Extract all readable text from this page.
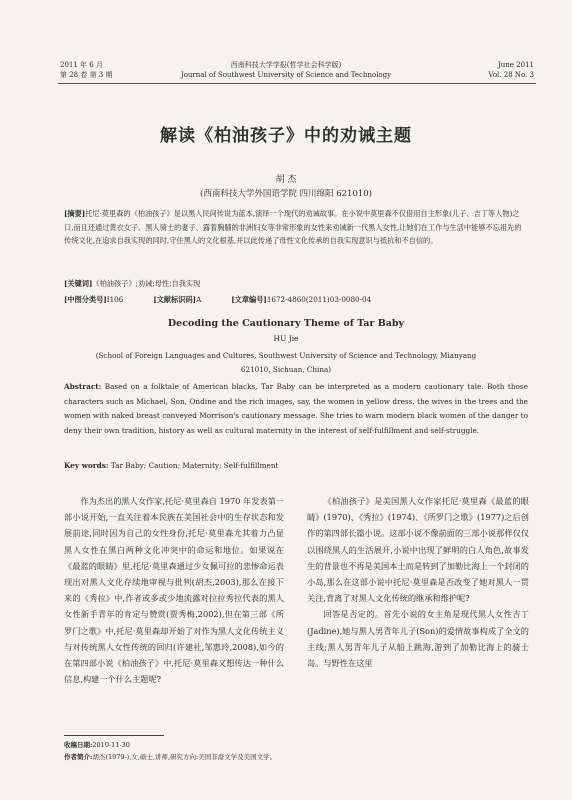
2011 年 6 月
第 28 卷 第 3 期
西南科技大学学报(哲学社会科学版)
Journal of Southwest University of Science and Technology
June 2011
Vol. 28 No. 3
解读《柏油孩子》中的劝诫主题
胡 杰
(西南科技大学外国语学院 四川绵阳 621010)
[摘要]托尼·莫里森的《柏油孩子》是以黑人民间传说为蓝本,演绎一个现代的劝诫故事。在小说中莫里森不仅借用自主形象(儿子、吉丁等人物)之口,而且还通过黄衣女子、黑人骑士的妻子、露着胸脯的非洲妇女等非常形象的女性来劝诫新一代黑人女性,让她们在工作与生活中能够不忘祖先的传统文化,在追求自我实现的同时,守住黑人的文化根基,并以此传递了母性文化传承的自我实现意识与抵抗和不自信的。
[关键词]《柏油孩子》;劝诫;母性;自我实现
[中图分类号]I106	[文献标识码]A	[文章编号]1672-4860(2011)03-0080-04
Decoding the Cautionary Theme of Tar Baby
HU Jie
(School of Foreign Languages and Cultures, Southwest University of Science and Technology, Mianyang 621010, Sichuan, China)
Abstract: Based on a folktale of American blacks, Tar Baby can be interpreted as a modern cautionary tale. Both those characters such as Michael, Son, Ondine and the rich images, say, the women in yellow dress, the wives in the trees and the women with naked breast conveyed Morrison's cautionary message. She tries to warn modern black women of the danger to deny their own tradition, history as well as cultural maternity in the interest of self-fulfillment and self-struggle.
Key words: Tar Baby; Caution; Maternity; Self-fulfillment

作为杰出的黑人女作家,托尼·莫里森自 1970 年发表第一部小说开始,一直关注着本民族在美国社会中的生存状态和发展前途,同时因为自己的女性身份,托尼·莫里森尤其着力凸显黑人女性在黑白两种文化冲突中的命运和地位。如果说在《最蓝的眼睛》里,托尼·莫里森通过少女佩可拉的悲惨命运表现出对黑人文化存续地审视与批判(胡杰,2003),那么在接下来的《秀拉》中,作者或多或少地流露对拉拉秀拉代表的黑人女性新手青年的肯定与赞赏(贾秀梅,2002),但在第三部《所罗门之歌》中,托尼·莫里森却开始了对作为黑人文化传统主义与对传统黑人女性传统的回归(许建社,邹惠玲,2008),如今的在第四部小说《柏油孩子》中,托尼·莫里森又想传达一种什么信息,构建一个什么主题呢?

《柏油孩子》是美国黑人女作家托尼·莫里森《最蓝的眼睛》(1970)、《秀拉》(1974)、《所罗门之歌》(1977)之后创作的第四部长篇小说。这部小说不像前面的三部小说那样仅仅以围绕黑人的生活展开,小说中出现了鲜明的白人角色,故事发生的背景也不再是美国本土而是转到了加勒比海上一个封闭的小岛,那么在这部小说中托尼·莫里森是否改变了她对黑人一贯关注,背离了对黑人文化传统的继承和维护呢?

回答是否定的。首先小说的女主角是现代黑人女性吉丁(Jadine),她与黑人男青年儿子(Son)的爱情故事构成了全文的主线;黑人男青年儿子从船上跳海,游到了加勒比海上的骑士岛。与野性在这里

收稿日期:2010-11-30
作者简介:胡杰(1979-),女,硕士,讲师,研究方向:美国非裔文学及美国文学。
